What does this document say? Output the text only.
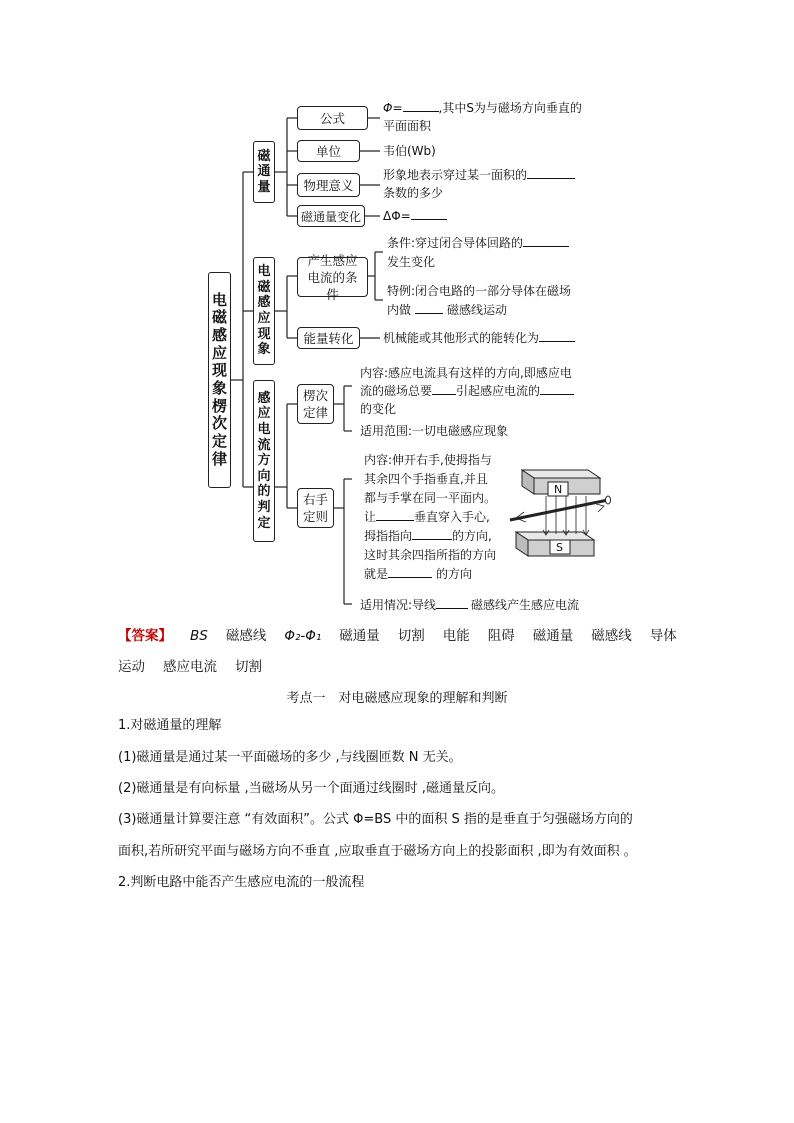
电磁感应现象　楞次定律
磁通量
电磁感应现象
感应电流方向的判定
公式
单位
物理意义
磁通量变化
Φ=	,其中S为与磁场方向垂直的
平面面积
韦伯(Wb)
形象地表示穿过某一面积的
条数的多少
ΔΦ=
产生感应电流的条件
能量转化
条件:穿过闭合导体回路的
发生变化
特例:闭合电路的一部分导体在磁场
内做	磁感线运动
机械能或其他形式的能转化为
楞次定律
右手定则
内容:感应电流具有这样的方向,即感应电
流的磁场总要 引起感应电流的
的变化
适用范围:一切电磁感应现象
内容:伸开右手,使拇指与
其余四个手指垂直,并且
都与手掌在同一平面内。
让	垂直穿入手心,
拇指指向	的方向,
这时其余四指所指的方向
就是	的方向
适用情况:导线	磁感线产生感应电流
N
S
【答案】 BS 磁感线 Φ₂-Φ₁ 磁通量 切割 电能 阻碍 磁通量 磁感线 导体
运动 感应电流 切割
考点一　对电磁感应现象的理解和判断
1.对磁通量的理解
(1)磁通量是通过某一平面磁场的多少 ,与线圈匝数 N 无关。
(2)磁通量是有向标量 ,当磁场从另一个面通过线圈时 ,磁通量反向。
(3)磁通量计算要注意 “有效面积”。公式 Φ=BS 中的面积 S 指的是垂直于匀强磁场方向的
面积,若所研究平面与磁场方向不垂直 ,应取垂直于磁场方向上的投影面积 ,即为有效面积 。
2.判断电路中能否产生感应电流的一般流程
